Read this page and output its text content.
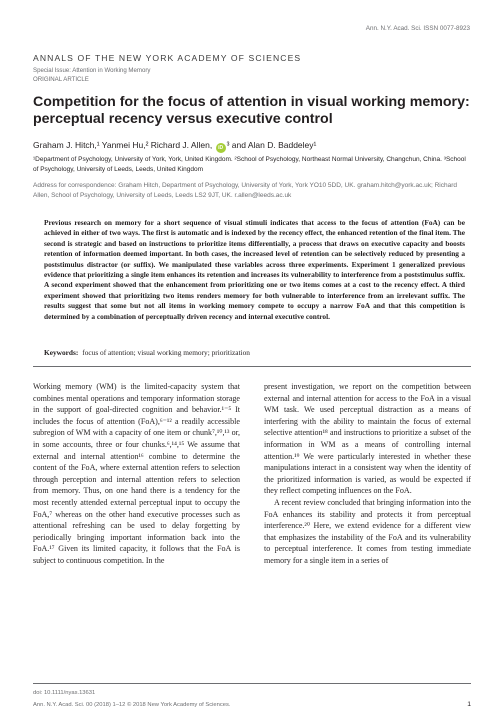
Ann. N.Y. Acad. Sci. ISSN 0077-8923
ANNALS OF THE NEW YORK ACADEMY OF SCIENCES
Special Issue: Attention in Working Memory
ORIGINAL ARTICLE
Competition for the focus of attention in visual working memory: perceptual recency versus executive control
Graham J. Hitch,¹ Yanmei Hu,² Richard J. Allen, iD ³ and Alan D. Baddeley¹
¹Department of Psychology, University of York, York, United Kingdom. ²School of Psychology, Northeast Normal University, Changchun, China. ³School of Psychology, University of Leeds, Leeds, United Kingdom
Address for correspondence: Graham Hitch, Department of Psychology, University of York, York YO10 5DD, UK. graham.hitch@york.ac.uk; Richard Allen, School of Psychology, University of Leeds, Leeds LS2 9JT, UK. r.allen@leeds.ac.uk
Previous research on memory for a short sequence of visual stimuli indicates that access to the focus of attention (FoA) can be achieved in either of two ways. The first is automatic and is indexed by the recency effect, the enhanced retention of the final item. The second is strategic and based on instructions to prioritize items differentially, a process that draws on executive capacity and boosts retention of information deemed important. In both cases, the increased level of retention can be selectively reduced by presenting a poststimulus distractor (or suffix). We manipulated these variables across three experiments. Experiment 1 generalized previous evidence that prioritizing a single item enhances its retention and increases its vulnerability to interference from a poststimulus suffix. A second experiment showed that the enhancement from prioritizing one or two items comes at a cost to the recency effect. A third experiment showed that prioritizing two items renders memory for both vulnerable to interference from an irrelevant suffix. The results suggest that some but not all items in working memory compete to occupy a narrow FoA and that this competition is determined by a combination of perceptually driven recency and internal executive control.
Keywords: focus of attention; visual working memory; prioritization

Working memory (WM) is the limited-capacity system that combines mental operations and temporary information storage in the support of goal-directed cognition and behavior.¹⁻⁵ It includes the focus of attention (FoA),⁶⁻¹² a readily accessible subregion of WM with a capacity of one item or chunk⁷,¹⁰,¹³ or, in some accounts, three or four chunks.⁶,¹⁴,¹⁵ We assume that external and internal attention¹⁶ combine to determine the content of the FoA, where external attention refers to selection through perception and internal attention refers to selection from memory. Thus, on one hand there is a tendency for the most recently attended external perceptual input to occupy the FoA,⁷ whereas on the other hand executive processes such as attentional refreshing can be used to delay forgetting by periodically bringing important information back into the FoA.¹⁷ Given its limited capacity, it follows that the FoA is subject to continuous competition. In the

present investigation, we report on the competition between external and internal attention for access to the FoA in a visual WM task. We used perceptual distraction as a means of interfering with the ability to maintain the focus of external selective attention¹⁸ and instructions to prioritize a subset of the information in WM as a means of controlling internal attention.¹⁹ We were particularly interested in whether these manipulations interact in a consistent way when the identity of the prioritized information is varied, as would be expected if they reflect competing influences on the FoA.

A recent review concluded that bringing information into the FoA enhances its stability and protects it from perceptual interference.²⁰ Here, we extend evidence for a different view that emphasizes the instability of the FoA and its vulnerability to perceptual interference. It comes from testing immediate memory for a single item in a series of

doi: 10.1111/nyas.13631
Ann. N.Y. Acad. Sci. 00 (2018) 1–12 © 2018 New York Academy of Sciences.	1
